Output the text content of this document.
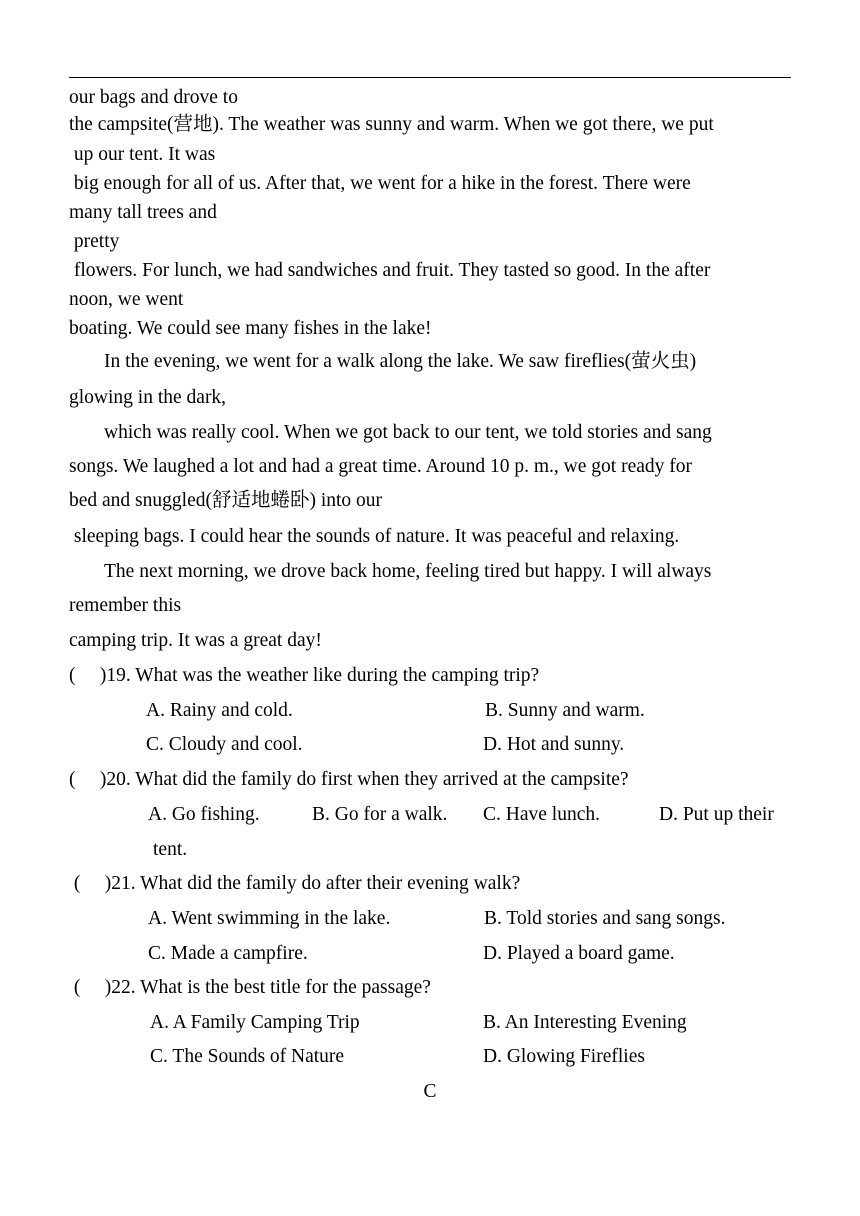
our bags and drove to
the campsite(营地). The weather was sunny and warm. When we got there, we put
up our tent. It was
big enough for all of us. After that, we went for a hike in the forest. There were
many tall trees and
pretty
flowers. For lunch, we had sandwiches and fruit. They tasted so good. In the after
noon, we went
boating. We could see many fishes in the lake!
In the evening, we went for a walk along the lake. We saw fireflies(萤火虫)
glowing in the dark,
which was really cool. When we got back to our tent, we told stories and sang
songs. We laughed a lot and had a great time. Around 10 p. m., we got ready for
bed and snuggled(舒适地蜷卧) into our
sleeping bags. I could hear the sounds of nature. It was peaceful and relaxing.
The next morning, we drove back home, feeling tired but happy. I will always
remember this
camping trip. It was a great day!
(     )19. What was the weather like during the camping trip?
A. Rainy and cold.	B. Sunny and warm.
C. Cloudy and cool.	D. Hot and sunny.
(     )20. What did the family do first when they arrived at the campsite?
A. Go fishing.	B. Go for a walk. C. Have lunch.	D. Put up their
tent.
(     )21. What did the family do after their evening walk?
A. Went swimming in the lake.	B. Told stories and sang songs.
C. Made a campfire.	D. Played a board game.
(     )22. What is the best title for the passage?
A. A Family Camping Trip	B. An Interesting Evening
C. The Sounds of Nature	D. Glowing Fireflies
C
